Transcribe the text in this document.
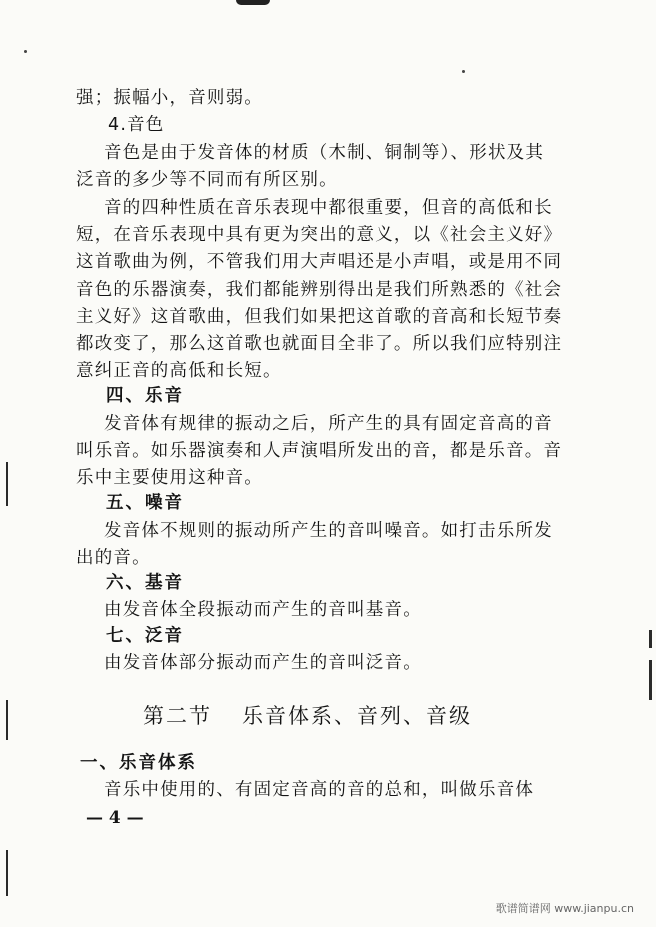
强；振幅小，音则弱。
4.音色
音色是由于发音体的材质（木制、铜制等）、形状及其
泛音的多少等不同而有所区别。
音的四种性质在音乐表现中都很重要，但音的高低和长
短，在音乐表现中具有更为突出的意义，以《社会主义好》
这首歌曲为例，不管我们用大声唱还是小声唱，或是用不同
音色的乐器演奏，我们都能辨别得出是我们所熟悉的《社会
主义好》这首歌曲，但我们如果把这首歌的音高和长短节奏
都改变了，那么这首歌也就面目全非了。所以我们应特别注
意纠正音的高低和长短。
四、乐音
发音体有规律的振动之后，所产生的具有固定音高的音
叫乐音。如乐器演奏和人声演唱所发出的音，都是乐音。音
乐中主要使用这种音。
五、噪音
发音体不规则的振动所产生的音叫噪音。如打击乐所发
出的音。
六、基音
由发音体全段振动而产生的音叫基音。
七、泛音
由发音体部分振动而产生的音叫泛音。
第二节 乐音体系、音列、音级
一、乐音体系
音乐中使用的、有固定音高的音的总和，叫做乐音体
— 4 —
歌谱简谱网 www.jianpu.cn
